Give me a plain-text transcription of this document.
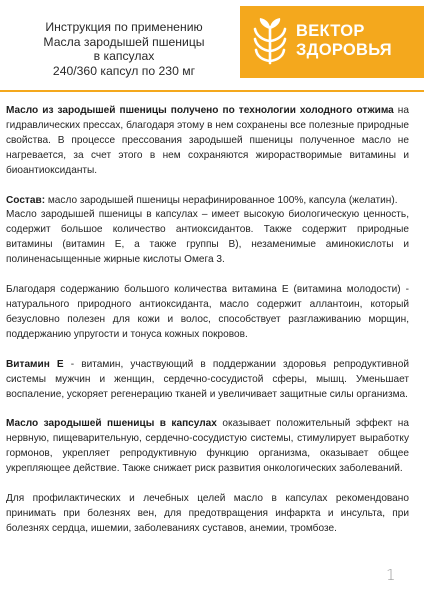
Инструкция по применению
Масла зародышей пшеницы
в капсулах
240/360 капсул по 230 мг
ВЕКТОР
ЗДОРОВЬЯ

Масло из зародышей пшеницы получено по технологии холодного отжима на гидравлических прессах, благодаря этому в нем сохранены все полезные природные свойства. В процессе прессования зародышей пшеницы полученное масло не нагревается, за счет этого в нем сохраняются жирорастворимые витамины и биоантиоксиданты.

Состав: масло зародышей пшеницы нерафинированное 100%, капсула (желатин).

Масло зародышей пшеницы в капсулах – имеет высокую биологическую ценность, содержит большое количество антиоксидантов. Также содержит природные витамины (витамин Е, а также группы В), незаменимые аминокислоты и полиненасыщенные жирные кислоты Омега 3.

Благодаря содержанию большого количества витамина Е (витамина молодости) - натурального природного антиоксиданта, масло содержит аллантоин, который безусловно полезен для кожи и волос, способствует разглаживанию морщин, поддержанию упругости и тонуса кожных покровов.

Витамин Е - витамин, участвующий в поддержании здоровья репродуктивной системы мужчин и женщин, сердечно-сосудистой сферы, мышц. Уменьшает воспаление, ускоряет регенерацию тканей и увеличивает защитные силы организма.

Масло зародышей пшеницы в капсулах оказывает положительный эффект на нервную, пищеварительную, сердечно-сосудистую системы, стимулирует выработку гормонов, укрепляет репродуктивную функцию организма, оказывает общее укрепляющее действие. Также снижает риск развития онкологических заболеваний.

Для профилактических и лечебных целей масло в капсулах рекомендовано принимать при болезнях вен, для предотвращения инфаркта и инсульта, при болезнях сердца, ишемии, заболеваниях суставов, анемии, тромбозе.

1
